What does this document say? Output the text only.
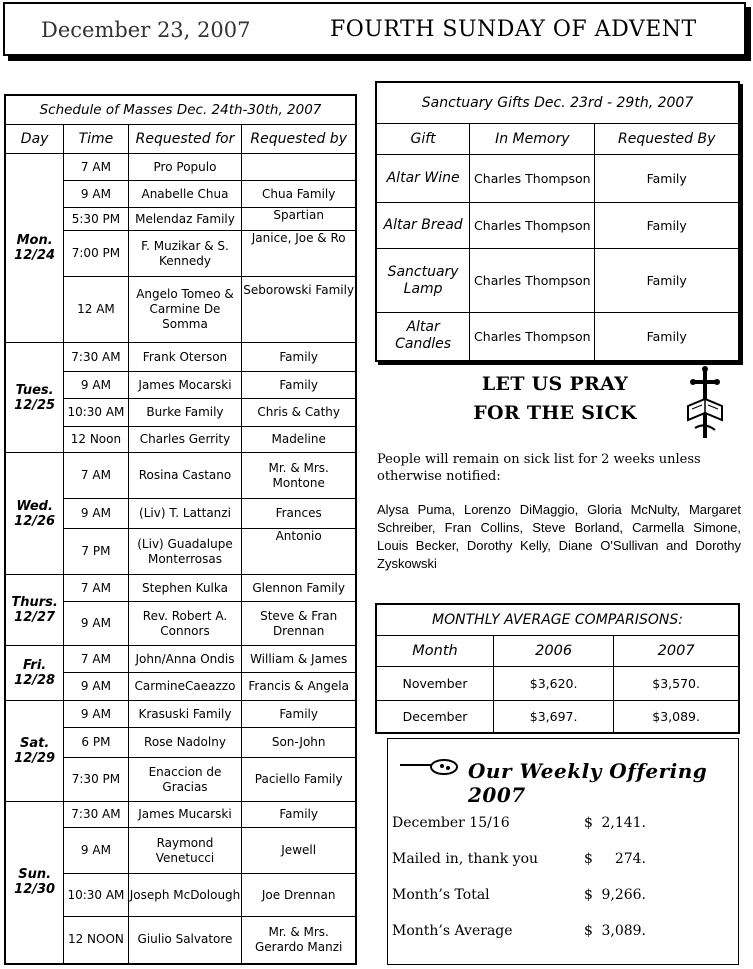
December 23, 2007	FOURTH SUNDAY OF ADVENT
Schedule of Masses Dec. 24th-30th, 2007			
Day	Time	Requested for	Requested by

Mon.
12/24	7 AM	Pro Populo	
	9 AM	Anabelle Chua	Chua Family
	5:30 PM	Melendaz Family	Spartian
	7:00 PM	F. Muzikar & S. Kennedy	Janice, Joe & Ro
	12 AM	Angelo Tomeo & Carmine De Somma	Seborowski Family

Tues.
12/25	7:30 AM	Frank Oterson	Family
	9 AM	James Mocarski	Family
	10:30 AM	Burke Family	Chris & Cathy
	12 Noon	Charles Gerrity	Madeline

Wed.
12/26	7 AM	Rosina Castano	Mr. & Mrs. Montone
	9 AM	(Liv) T. Lattanzi	Frances
	7 PM	(Liv) Guadalupe Monterrosas	Antonio

Thurs.
12/27	7 AM	Stephen Kulka	Glennon Family
	9 AM	Rev. Robert A. Connors	Steve & Fran Drennan

Fri.
12/28	7 AM	John/Anna Ondis	William & James
	9 AM	CarmineCaeazzo	Francis & Angela

Sat.
12/29	9 AM	Krasuski Family	Family
	6 PM	Rose Nadolny	Son-John
	7:30 PM	Enaccion de Gracias	Paciello Family

Sun.
12/30	7:30 AM	James Mucarski	Family
	9 AM	Raymond Venetucci	Jewell
	10:30 AM	Joseph McDolough	Joe Drennan
	12 NOON	Giulio Salvatore	Mr. & Mrs. Gerardo Manzi
Sanctuary Gifts Dec. 23rd - 29th, 2007		
Gift	In Memory	Requested By
Altar Wine	Charles Thompson	Family
Altar Bread	Charles Thompson	Family
Sanctuary Lamp	Charles Thompson	Family
Altar Candles	Charles Thompson	Family
LET US PRAY
FOR THE SICK
People will remain on sick list for 2 weeks unless otherwise notified:
Alysa Puma, Lorenzo DiMaggio, Gloria McNulty, Margaret Schreiber, Fran Collins, Steve Borland, Carmella Simone, Louis Becker, Dorothy Kelly, Diane O'Sullivan and Dorothy Zyskowski
MONTHLY AVERAGE COMPARISONS:		
Month	2006	2007
November	$3,620.	$3,570.
December	$3,697.	$3,089.
Our Weekly Offering 2007
December 15/16	$ 2,141.
Mailed in, thank you	$	274.
Month’s Total	$ 9,266.
Month’s Average	$ 3,089.
